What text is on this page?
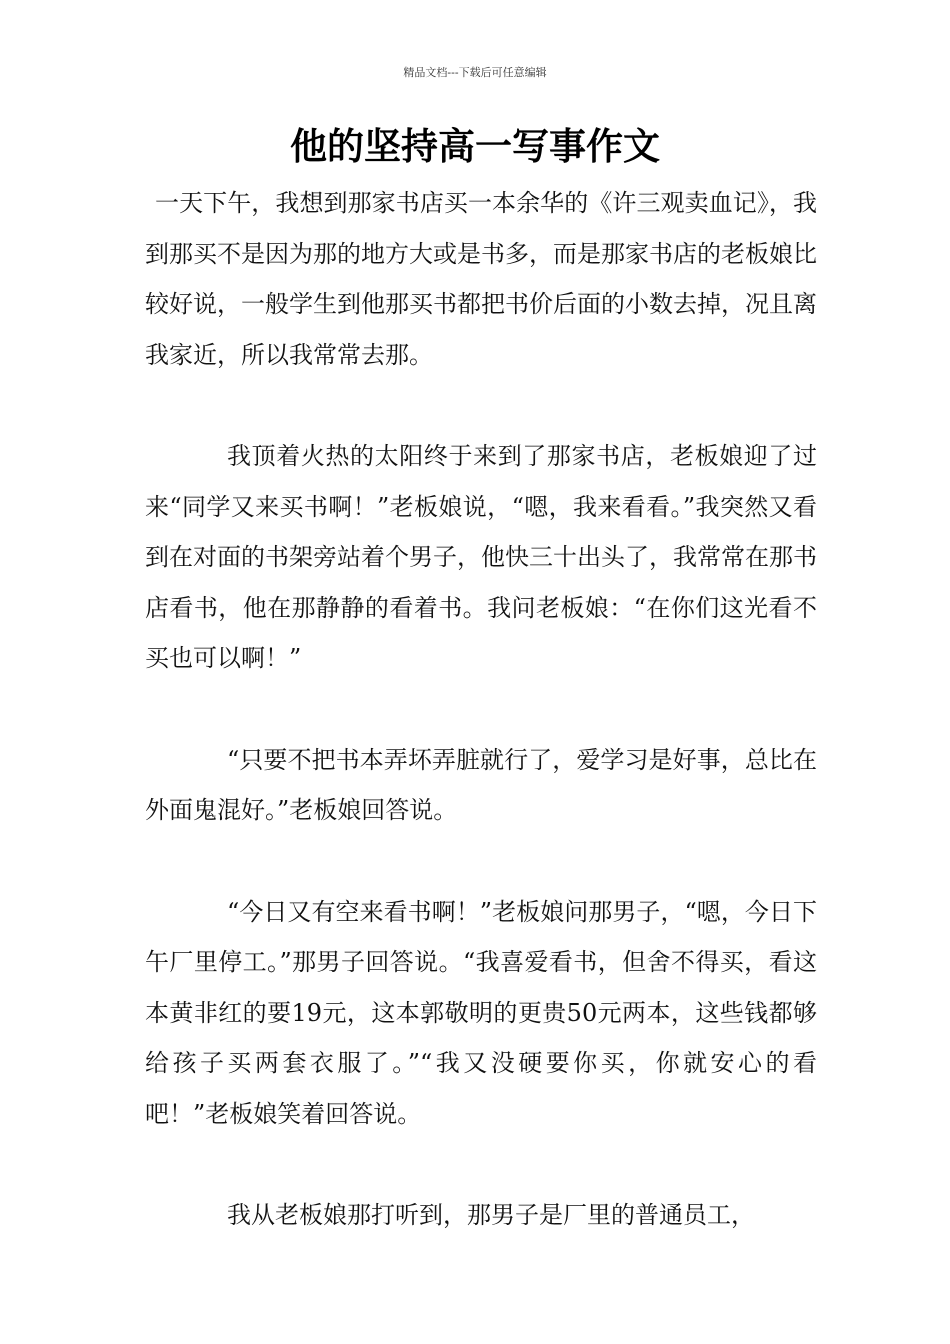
精品文档---下载后可任意编辑
他的坚持高一写事作文

一天下午，我想到那家书店买一本余华的《许三观卖血记》，我到那买不是因为那的地方大或是书多，而是那家书店的老板娘比较好说，一般学生到他那买书都把书价后面的小数去掉，况且离我家近，所以我常常去那。

我顶着火热的太阳终于来到了那家书店，老板娘迎了过来“同学又来买书啊！”老板娘说，“嗯，我来看看。”我突然又看到在对面的书架旁站着个男子，他快三十出头了，我常常在那书店看书，他在那静静的看着书。我问老板娘：“在你们这光看不买也可以啊！”

“只要不把书本弄坏弄脏就行了，爱学习是好事，总比在外面鬼混好。”老板娘回答说。

“今日又有空来看书啊！”老板娘问那男子，“嗯，今日下午厂里停工。”那男子回答说。“我喜爱看书，但舍不得买，看这本黄非红的要19元，这本郭敬明的更贵50元两本，这些钱都够给孩子买两套衣服了。”“我又没硬要你买，你就安心的看吧！”老板娘笑着回答说。

我从老板娘那打听到，那男子是厂里的普通员工，
